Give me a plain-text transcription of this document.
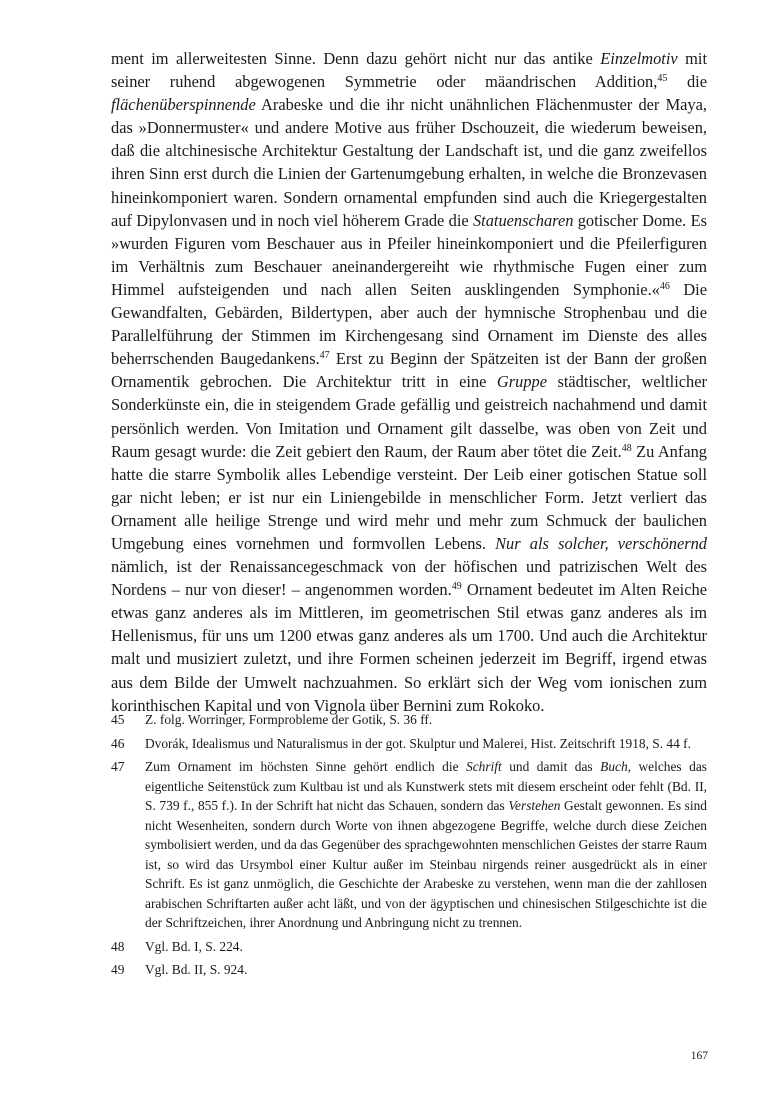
ment im allerweitesten Sinne. Denn dazu gehört nicht nur das antike Einzelmotiv mit seiner ruhend abgewogenen Symmetrie oder mäandrischen Addition,$^{45}$ die flächenüberspinnende Arabeske und die ihr nicht unähnlichen Flächenmuster der Maya, das »Donnermuster« und andere Motive aus früher Dschouzeit, die wiederum beweisen, daß die altchinesische Architektur Gestaltung der Landschaft ist, und die ganz zweifellos ihren Sinn erst durch die Linien der Gartenumgebung erhalten, in welche die Bronzevasen hineinkomponiert waren. Sondern ornamental empfunden sind auch die Kriegergestalten auf Dipylonvasen und in noch viel höherem Grade die Statuenscharen gotischer Dome. Es »wurden Figuren vom Beschauer aus in Pfeiler hineinkomponiert und die Pfeilerfiguren im Verhältnis zum Beschauer aneinandergereiht wie rhythmische Fugen einer zum Himmel aufsteigenden und nach allen Seiten ausklingenden Symphonie.«$^{46}$ Die Gewandfalten, Gebärden, Bildertypen, aber auch der hymnische Strophenbau und die Parallelführung der Stimmen im Kirchengesang sind Ornament im Dienste des alles beherrschenden Baugedankens.$^{47}$ Erst zu Beginn der Spätzeiten ist der Bann der großen Ornamentik gebrochen. Die Architektur tritt in eine Gruppe städtischer, weltlicher Sonderkünste ein, die in steigendem Grade gefällig und geistreich nachahmend und damit persönlich werden. Von Imitation und Ornament gilt dasselbe, was oben von Zeit und Raum gesagt wurde: die Zeit gebiert den Raum, der Raum aber tötet die Zeit.$^{48}$ Zu Anfang hatte die starre Symbolik alles Lebendige versteint. Der Leib einer gotischen Statue soll gar nicht leben; er ist nur ein Liniengebilde in menschlicher Form. Jetzt verliert das Ornament alle heilige Strenge und wird mehr und mehr zum Schmuck der baulichen Umgebung eines vornehmen und formvollen Lebens. Nur als solcher, verschönernd nämlich, ist der Renaissancegeschmack von der höfischen und patrizischen Welt des Nordens – nur von dieser! – angenommen worden.$^{49}$ Ornament bedeutet im Alten Reiche etwas ganz anderes als im Mittleren, im geometrischen Stil etwas ganz anderes als im Hellenismus, für uns um 1200 etwas ganz anderes als um 1700. Und auch die Architektur malt und musiziert zuletzt, und ihre Formen scheinen jederzeit im Begriff, irgend etwas aus dem Bilde der Umwelt nachzuahmen. So erklärt sich der Weg vom ionischen zum korinthischen Kapital und von Vignola über Bernini zum Rokoko.

45	Z. folg. Worringer, Formprobleme der Gotik, S. 36 ff.
46	Dvorák, Idealismus und Naturalismus in der got. Skulptur und Malerei, Hist. Zeitschrift 1918, S. 44 f.
47	Zum Ornament im höchsten Sinne gehört endlich die Schrift und damit das Buch, welches das eigentliche Seitenstück zum Kultbau ist und als Kunstwerk stets mit diesem erscheint oder fehlt (Bd. II, S. 739 f., 855 f.). In der Schrift hat nicht das Schauen, sondern das Verstehen Gestalt gewonnen. Es sind nicht Wesenheiten, sondern durch Worte von ihnen abgezogene Begriffe, welche durch diese Zeichen symbolisiert werden, und da das Gegenüber des sprachgewohnten menschlichen Geistes der starre Raum ist, so wird das Ursymbol einer Kultur außer im Steinbau nirgends reiner ausgedrückt als in einer Schrift. Es ist ganz unmöglich, die Geschichte der Arabeske zu verstehen, wenn man die der zahllosen arabischen Schriftarten außer acht läßt, und von der ägyptischen und chinesischen Stilgeschichte ist die der Schriftzeichen, ihrer Anordnung und Anbringung nicht zu trennen.
48	Vgl. Bd. I, S. 224.
49	Vgl. Bd. II, S. 924.
167
